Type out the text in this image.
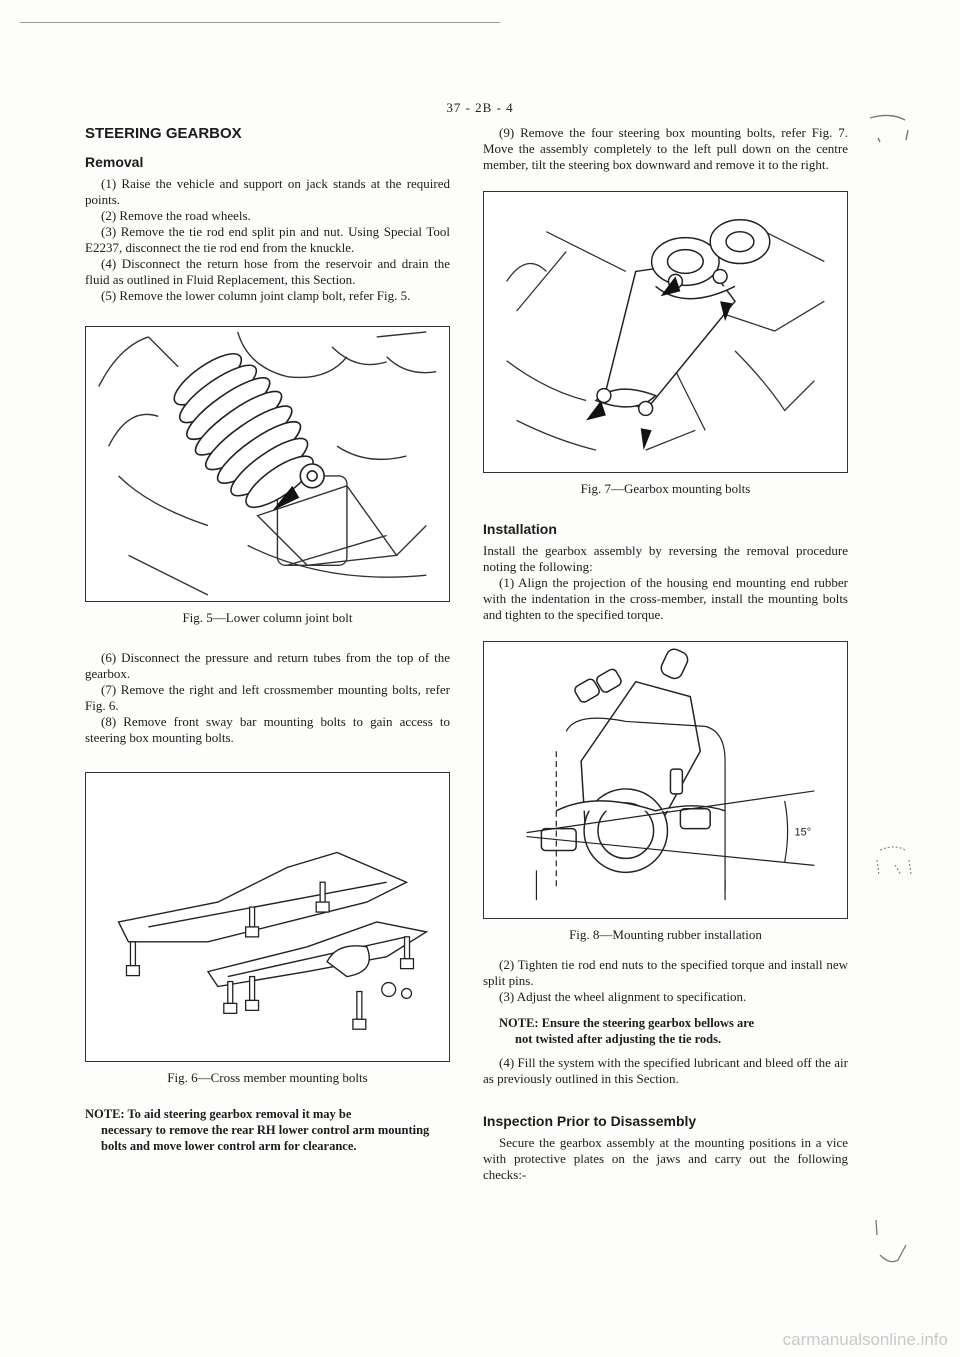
37 - 2B - 4
STEERING GEARBOX
Removal

(1) Raise the vehicle and support on jack stands at the required points.

(2) Remove the road wheels.

(3) Remove the tie rod end split pin and nut. Using Special Tool E2237, disconnect the tie rod end from the knuckle.

(4) Disconnect the return hose from the reservoir and drain the fluid as outlined in Fluid Replacement, this Section.

(5) Remove the lower column joint clamp bolt, refer Fig. 5.

Fig. 5—Lower column joint bolt

(6) Disconnect the pressure and return tubes from the top of the gearbox.

(7) Remove the right and left crossmember mounting bolts, refer Fig. 6.

(8) Remove front sway bar mounting bolts to gain access to steering box mounting bolts.

Fig. 6—Cross member mounting bolts
NOTE: To aid steering gearbox removal it may be
necessary to remove the rear RH lower control arm mounting bolts and move lower control arm for clearance.

(9) Remove the four steering box mounting bolts, refer Fig. 7. Move the assembly completely to the left pull down on the centre member, tilt the steering box downward and remove it to the right.

Fig. 7—Gearbox mounting bolts
Installation

Install the gearbox assembly by reversing the removal procedure noting the following:

(1) Align the projection of the housing end mounting end rubber with the indentation in the cross-member, install the mounting bolts and tighten to the specified torque.

15°
Fig. 8—Mounting rubber installation

(2) Tighten tie rod end nuts to the specified torque and install new split pins.

(3) Adjust the wheel alignment to specification.

NOTE: Ensure the steering gearbox bellows are
not twisted after adjusting the tie rods.

(4) Fill the system with the specified lubricant and bleed off the air as previously outlined in this Section.

Inspection Prior to Disassembly

Secure the gearbox assembly at the mounting positions in a vice with protective plates on the jaws and carry out the following checks:-

carmanualsonline.info
